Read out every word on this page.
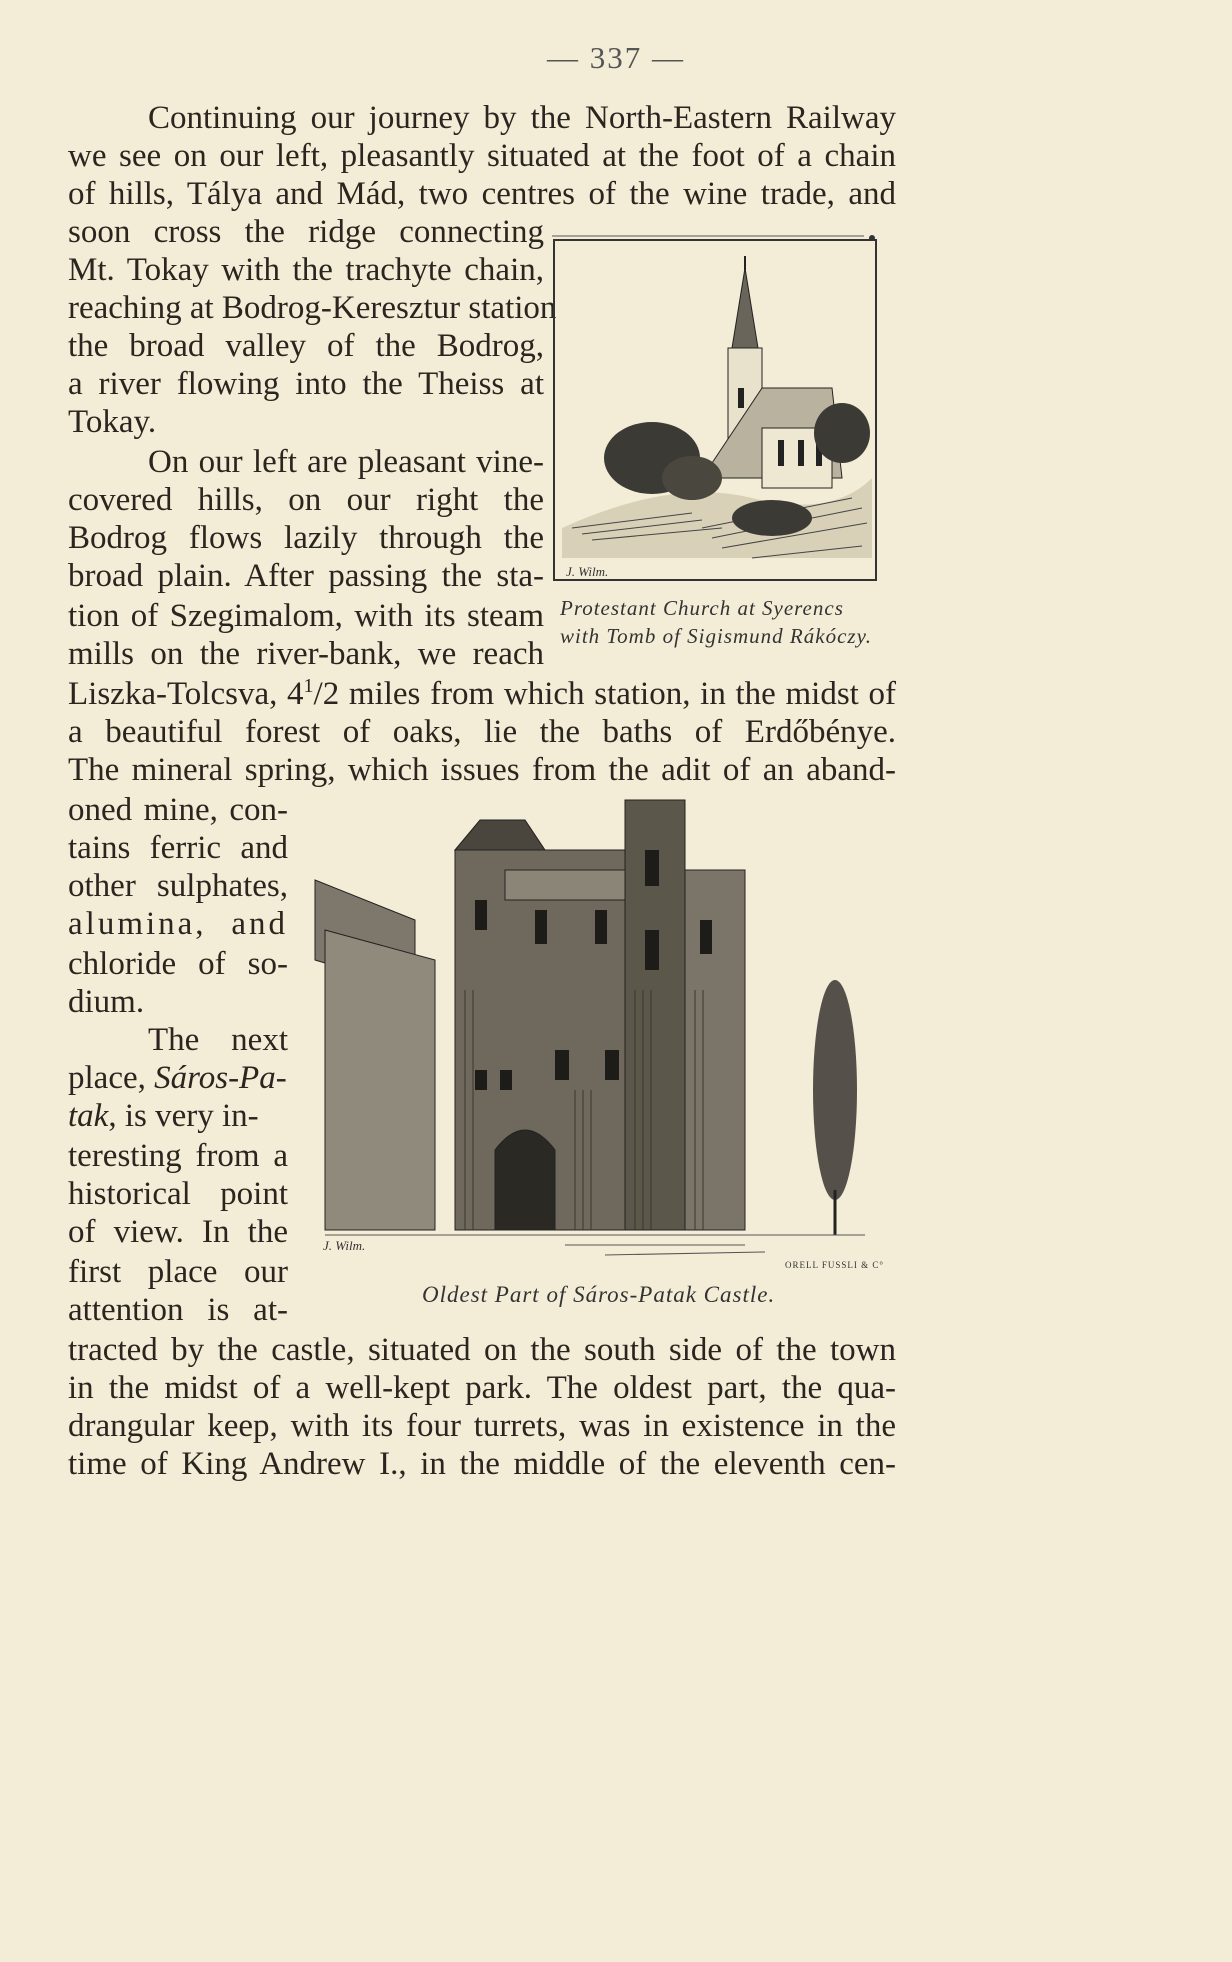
— 337 —
Continuing our journey by the North-Eastern Railway
we see on our left, pleasantly situated at the foot of a chain
of hills, Tálya and Mád, two centres of the wine trade, and
soon cross the ridge connecting
Mt. Tokay with the trachyte chain,
reaching at Bodrog-Keresztur station
the broad valley of the Bodrog,
a river flowing into the Theiss at
Tokay.
On our left are pleasant vine-
covered hills, on our right the
Bodrog flows lazily through the
broad plain. After passing the sta-
tion of Szegimalom, with its steam
mills on the river-bank, we reach
J. Wilm.
Protestant Church at Syerencs
with Tomb of Sigismund Rákóczy.
Liszka-Tolcsva, $4^1/2$ miles from which station, in the midst of
a beautiful forest of oaks, lie the baths of Erdőbénye.
The mineral spring, which issues from the adit of an aband-
oned mine, con-
tains ferric and
other sulphates,
alumina, and
chloride of so-
dium.
The next
place, Sáros-Pa-
tak, is very in-
teresting from a
historical point
of view. In the
first place our
attention is at-
J. Wilm.
ORELL FUSSLI & C°
Oldest Part of Sáros-Patak Castle.
tracted by the castle, situated on the south side of the town
in the midst of a well-kept park. The oldest part, the qua-
drangular keep, with its four turrets, was in existence in the
time of King Andrew I., in the middle of the eleventh cen-
